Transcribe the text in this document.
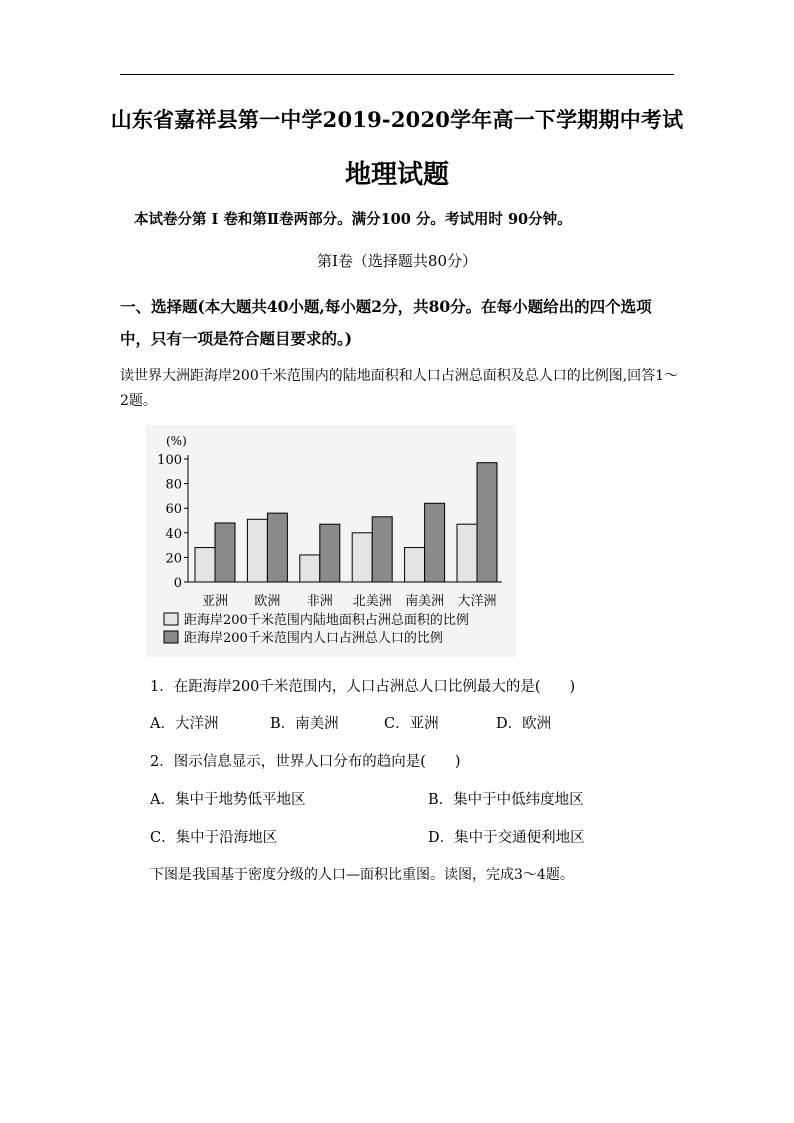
山东省嘉祥县第一中学2019-2020学年高一下学期期中考试
地理试题
本试卷分第 Ⅰ 卷和第Ⅱ卷两部分。满分100 分。考试用时 90分钟。
第Ⅰ卷（选择题共80分）
一、选择题(本大题共40小题,每小题2分，共80分。在每小题给出的四个选项中，只有一项是符合题目要求的。)
读世界大洲距海岸200千米范围内的陆地面积和人口占洲总面积及总人口的比例图,回答1～2题。
(%)
0
20
40
60
80
100
亚洲 欧洲 非洲 北美洲 南美洲 大洋洲
距海岸200千米范围内陆地面积占洲总面积的比例
距海岸200千米范围内人口占洲总人口的比例
1．在距海岸200千米范围内，人口占洲总人口比例最大的是(　　)
A．大洋洲	B．南美洲	C．亚洲	D．欧洲
2．图示信息显示，世界人口分布的趋向是(　　)
A．集中于地势低平地区	B．集中于中低纬度地区
C．集中于沿海地区	D．集中于交通便利地区
下图是我国基于密度分级的人口—面积比重图。读图，完成3～4题。
